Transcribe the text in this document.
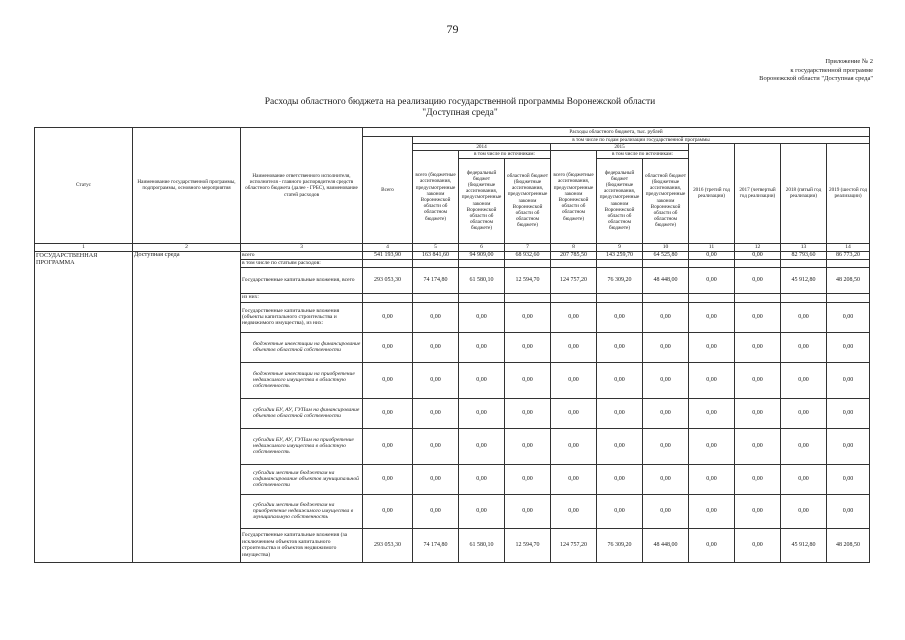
79
Приложение № 2
к государственной программе
Воронежской области "Доступная среда"
Расходы областного бюджета на реализацию государственной программы Воронежской области
"Доступная среда"
Статус	Наименование государственной программы, подпрограммы, основного мероприятия	Наименование ответственного исполнителя, исполнителя - главного распорядителя средств областного бюджета (далее - ГРБС), наименование статей расходов	Расходы областного бюджета, тыс. рублей										
			Всего	в том числе по годам реализации государственной программы									
				2014			2015			2016 (третий год реализации)	2017 (четвертый год реализации)	2018 (пятый год реализации)	2019 (шестой год реализации)
				всего (бюджетные ассигнования, предусмотренные законом Воронежской области об областном бюджете)	в том числе по источникам:		всего (бюджетные ассигнования, предусмотренные законом Воронежской области об областном бюджете)	в том числе по источникам:					
					федеральный бюджет (бюджетные ассигнования, предусмотренные законом Воронежской области об областном бюджете)	областной бюджет (бюджетные ассигнования, предусмотренные законом Воронежской области об областном бюджете)		федеральный бюджет (бюджетные ассигнования, предусмотренные законом Воронежской области об областном бюджете)	областной бюджет (бюджетные ассигнования, предусмотренные законом Воронежской области об областном бюджете)				
1	2	3	4	5	6	7	8	9	10	11	12	13	14
ГОСУДАРСТВЕННАЯ ПРОГРАММА	Доступная среда	всего	541 193,90	163 841,60	94 909,00	68 932,60	207 785,50	143 259,70	64 525,80	0,00	0,00	82 793,60	86 773,20
		в том числе по статьям расходов:											
		Государственные капитальные вложения, всего	293 053,30	74 174,80	61 580,10	12 594,70	124 757,20	76 309,20	48 448,00	0,00	0,00	45 912,80	48 208,50
		из них:											
		Государственные капитальные вложения (объекты капитального строительства и недвижимого имущества), из них:	0,00	0,00	0,00	0,00	0,00	0,00	0,00	0,00	0,00	0,00	0,00
		бюджетные инвестиции на финансирование объектов областной собственности	0,00	0,00	0,00	0,00	0,00	0,00	0,00	0,00	0,00	0,00	0,00
		бюджетные инвестиции на приобретение недвижимого имущества в областную собственность	0,00	0,00	0,00	0,00	0,00	0,00	0,00	0,00	0,00	0,00	0,00
		субсидии БУ, АУ, ГУПам на финансирование объектов областной собственности	0,00	0,00	0,00	0,00	0,00	0,00	0,00	0,00	0,00	0,00	0,00
		субсидии БУ, АУ, ГУПам на приобретение недвижимого имущества в областную собственность	0,00	0,00	0,00	0,00	0,00	0,00	0,00	0,00	0,00	0,00	0,00
		субсидии местным бюджетам на софинансирование объектов муниципальной собственности	0,00	0,00	0,00	0,00	0,00	0,00	0,00	0,00	0,00	0,00	0,00
		субсидии местным бюджетам на приобретение недвижимого имущества в муниципальную собственность	0,00	0,00	0,00	0,00	0,00	0,00	0,00	0,00	0,00	0,00	0,00
		Государственные капитальные вложения (за исключением объектов капитального строительства и объектов недвижимого имущества)	293 053,30	74 174,80	61 580,10	12 594,70	124 757,20	76 309,20	48 448,00	0,00	0,00	45 912,80	48 208,50
